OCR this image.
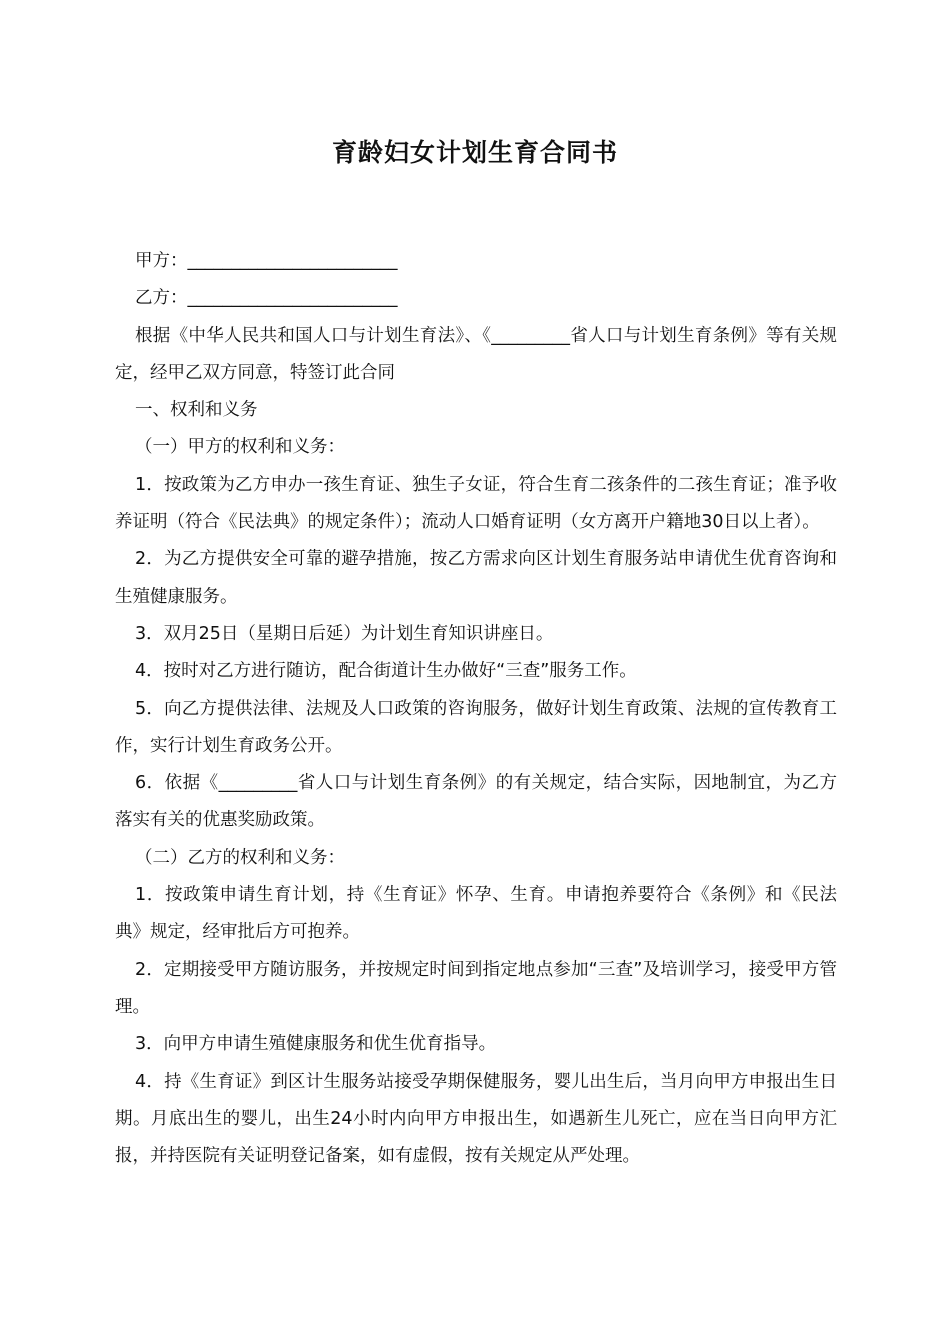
育龄妇女计划生育合同书

甲方：________________________

乙方：________________________

根据《中华人民共和国人口与计划生育法》、《_________省人口与计划生育条例》等有关规定，经甲乙双方同意，特签订此合同

一、权利和义务

（一）甲方的权利和义务：

1．按政策为乙方申办一孩生育证、独生子女证，符合生育二孩条件的二孩生育证；准予收养证明（符合《民法典》的规定条件）；流动人口婚育证明（女方离开户籍地30日以上者）。

2．为乙方提供安全可靠的避孕措施，按乙方需求向区计划生育服务站申请优生优育咨询和生殖健康服务。

3．双月25日（星期日后延）为计划生育知识讲座日。

4．按时对乙方进行随访，配合街道计生办做好“三查”服务工作。

5．向乙方提供法律、法规及人口政策的咨询服务，做好计划生育政策、法规的宣传教育工作，实行计划生育政务公开。

6．依据《_________省人口与计划生育条例》的有关规定，结合实际，因地制宜，为乙方落实有关的优惠奖励政策。

（二）乙方的权利和义务：

1．按政策申请生育计划，持《生育证》怀孕、生育。申请抱养要符合《条例》和《民法典》规定，经审批后方可抱养。

2．定期接受甲方随访服务，并按规定时间到指定地点参加“三查”及培训学习，接受甲方管理。

3．向甲方申请生殖健康服务和优生优育指导。

4．持《生育证》到区计生服务站接受孕期保健服务，婴儿出生后，当月向甲方申报出生日期。月底出生的婴儿，出生24小时内向甲方申报出生，如遇新生儿死亡，应在当日向甲方汇报，并持医院有关证明登记备案，如有虚假，按有关规定从严处理。
